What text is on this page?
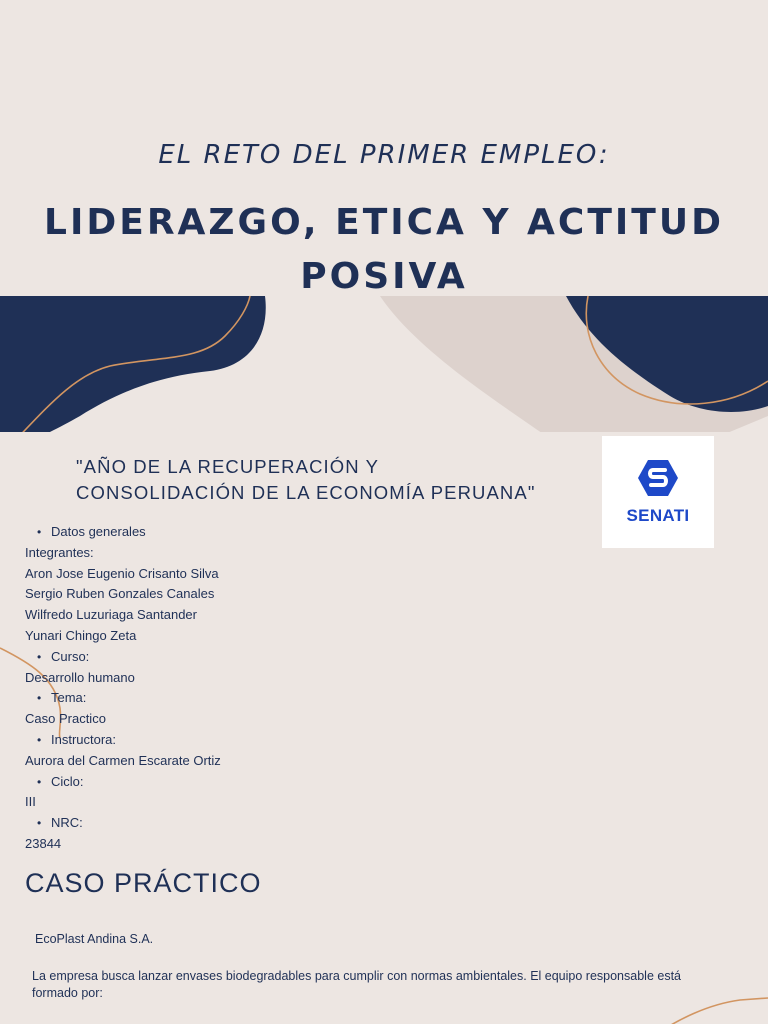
EL RETO DEL PRIMER EMPLEO:
LIDERAZGO, ETICA Y ACTITUD
POSIVA
"AÑO DE LA RECUPERACIÓN Y
CONSOLIDACIÓN DE LA ECONOMÍA PERUANA"
SENATI
• Datos generales
Integrantes:
Aron Jose Eugenio Crisanto Silva
Sergio Ruben Gonzales Canales
Wilfredo Luzuriaga Santander
Yunari Chingo Zeta
• Curso:
Desarrollo humano
• Tema:
Caso Practico
• Instructora:
Aurora del Carmen Escarate Ortiz
• Ciclo:
III
• NRC:
23844
CASO PRÁCTICO
EcoPlast Andina S.A.
La empresa busca lanzar envases biodegradables para cumplir con normas ambientales. El equipo responsable está formado por:
